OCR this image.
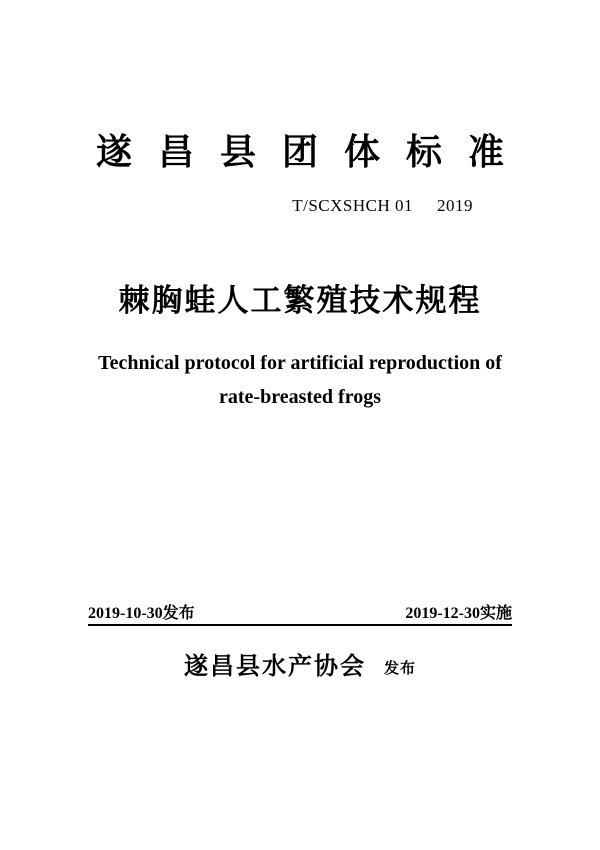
遂昌县团体标准
T/SCXSHCH 01 2019
棘胸蛙人工繁殖技术规程
Technical protocol for artificial reproduction of
rate-breasted frogs
2019-10-30发布	2019-12-30实施
遂昌县水产协会 发布
